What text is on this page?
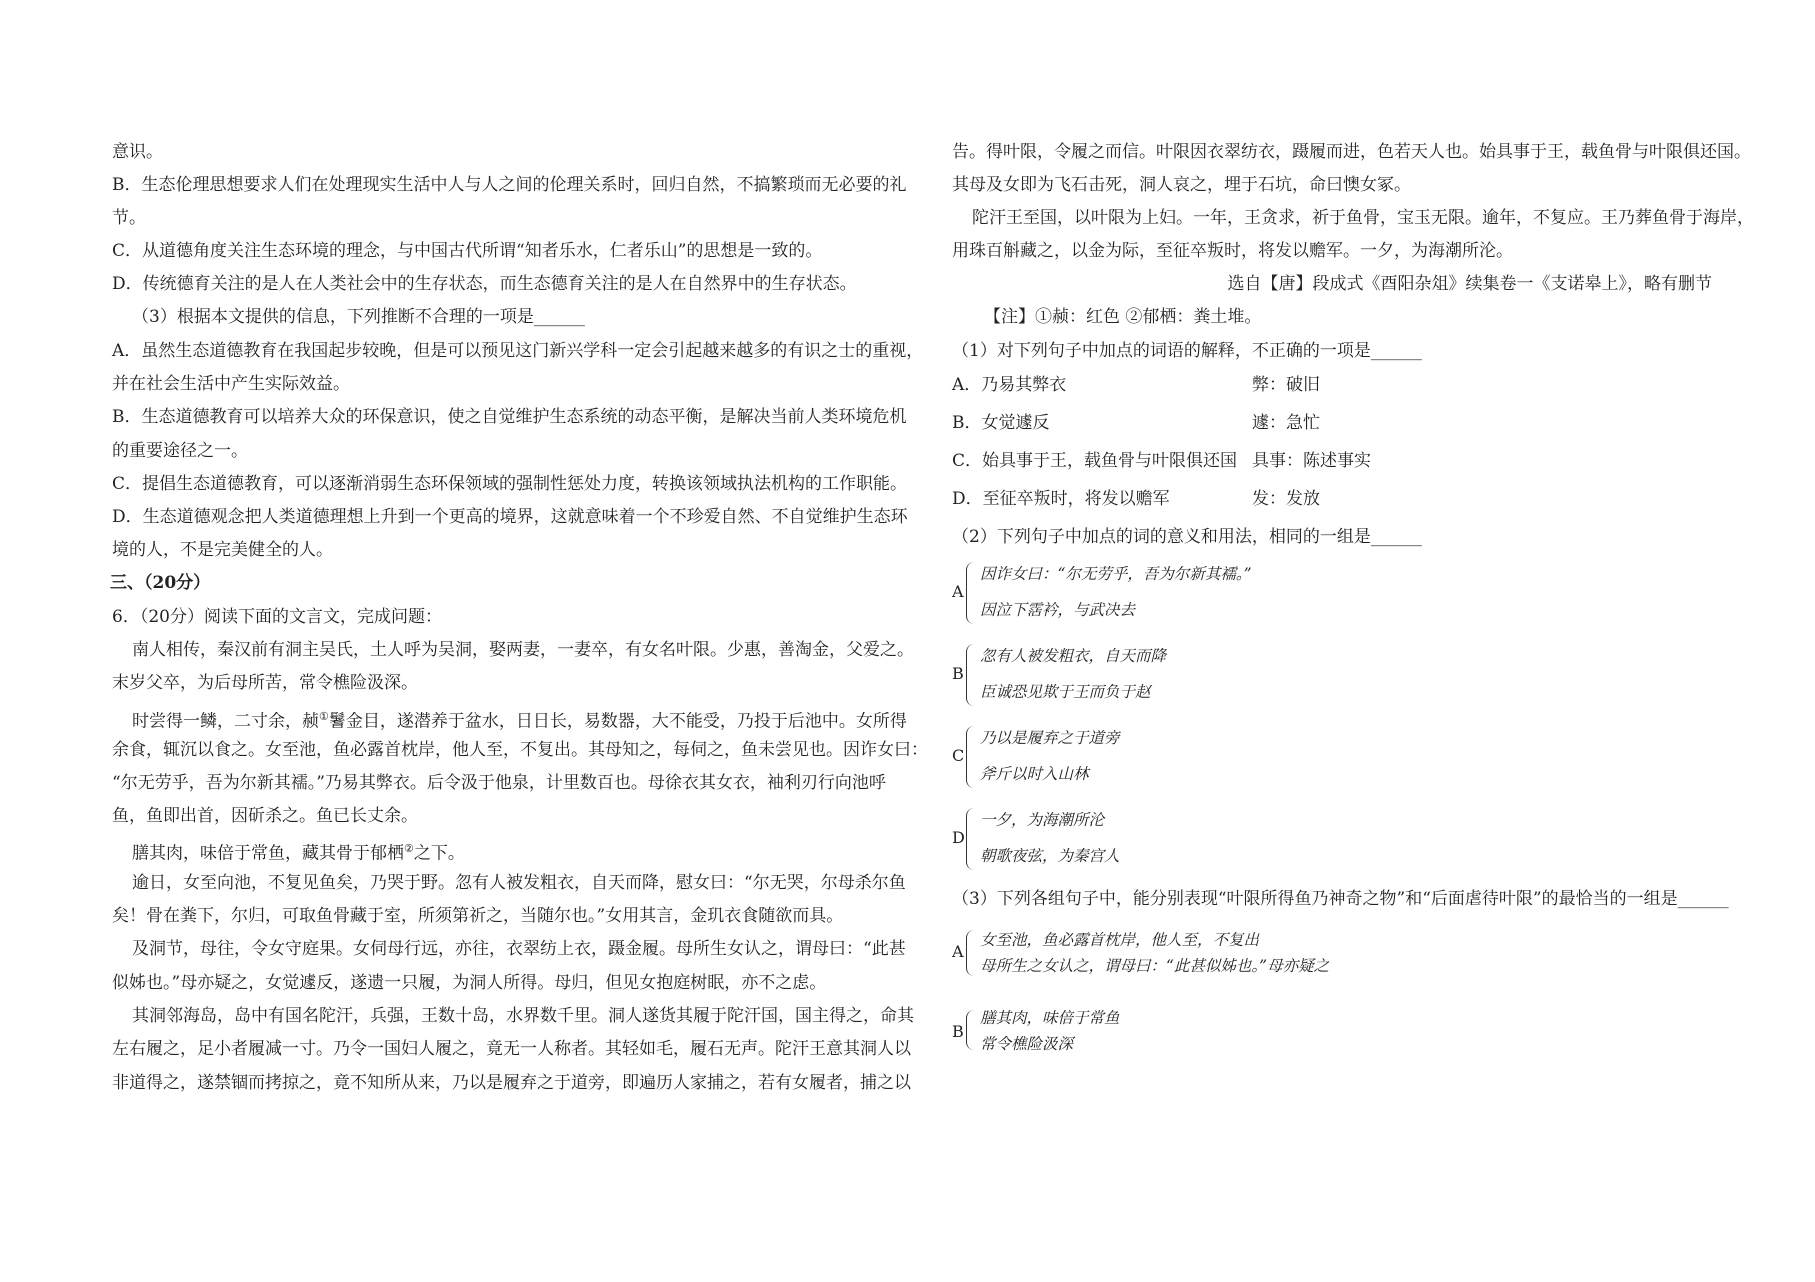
意识。
B．生态伦理思想要求人们在处理现实生活中人与人之间的伦理关系时，回归自然，不搞繁琐而无必要的礼
节。
C．从道德角度关注生态环境的理念，与中国古代所谓“知者乐水，仁者乐山”的思想是一致的。
D．传统德育关注的是人在人类社会中的生存状态，而生态德育关注的是人在自然界中的生存状态。
（3）根据本文提供的信息，下列推断不合理的一项是______
A．虽然生态道德教育在我国起步较晚，但是可以预见这门新兴学科一定会引起越来越多的有识之士的重视，
并在社会生活中产生实际效益。
B．生态道德教育可以培养大众的环保意识，使之自觉维护生态系统的动态平衡，是解决当前人类环境危机
的重要途径之一。
C．提倡生态道德教育，可以逐渐消弱生态环保领域的强制性惩处力度，转换该领域执法机构的工作职能。
D．生态道德观念把人类道德理想上升到一个更高的境界，这就意味着一个不珍爱自然、不自觉维护生态环
境的人，不是完美健全的人。
三、（20分）
6．（20分）阅读下面的文言文，完成问题：
南人相传，秦汉前有洞主吴氏，土人呼为吴洞，娶两妻，一妻卒，有女名叶限。少惠，善淘金，父爱之。
末岁父卒，为后母所苦，常令樵险汲深。
时尝得一鳞，二寸余，赪①鬐金目，遂潜养于盆水，日日长，易数器，大不能受，乃投于后池中。女所得
余食，辄沉以食之。女至池，鱼必露首枕岸，他人至，不复出。其母知之，每伺之，鱼未尝见也。因诈女曰：
“尔无劳乎，吾为尔新其襦。”乃易其弊衣。后令汲于他泉，计里数百也。母徐衣其女衣，袖利刃行向池呼
鱼，鱼即出首，因斫杀之。鱼已长丈余。
膳其肉，味倍于常鱼，藏其骨于郁栖②之下。
逾日，女至向池，不复见鱼矣，乃哭于野。忽有人被发粗衣，自天而降，慰女曰：“尔无哭，尔母杀尔鱼
矣！骨在粪下，尔归，可取鱼骨藏于室，所须第祈之，当随尔也。”女用其言，金玑衣食随欲而具。
及洞节，母往，令女守庭果。女伺母行远，亦往，衣翠纺上衣，蹑金履。母所生女认之，谓母曰：“此甚
似姊也。”母亦疑之，女觉遽反，遂遗一只履，为洞人所得。母归，但见女抱庭树眠，亦不之虑。
其洞邻海岛，岛中有国名陀汗，兵强，王数十岛，水界数千里。洞人遂货其履于陀汗国，国主得之，命其
左右履之，足小者履减一寸。乃令一国妇人履之，竟无一人称者。其轻如毛，履石无声。陀汗王意其洞人以
非道得之，遂禁锢而拷掠之，竟不知所从来，乃以是履弃之于道旁，即遍历人家捕之，若有女履者，捕之以
告。得叶限，令履之而信。叶限因衣翠纺衣，蹑履而进，色若天人也。始具事于王，载鱼骨与叶限俱还国。
其母及女即为飞石击死，洞人哀之，埋于石坑，命曰懊女冢。
陀汗王至国，以叶限为上妇。一年，王贪求，祈于鱼骨，宝玉无限。逾年，不复应。王乃葬鱼骨于海岸，
用珠百斛藏之，以金为际，至征卒叛时，将发以赡军。一夕，为海潮所沦。
选自【唐】段成式《酉阳杂俎》续集卷一《支诺皋上》，略有删节
【注】①赪：红色 ②郁栖：粪土堆。
（1）对下列句子中加点的词语的解释，不正确的一项是______
A．乃易其弊衣	弊：破旧
B．女觉遽反	遽：急忙
C．始具事于王，载鱼骨与叶限俱还国 具事：陈述事实
D．至征卒叛时，将发以赡军	发：发放
（2）下列句子中加点的词的意义和用法，相同的一组是______
A
因诈女曰：“尔无劳乎，吾为尔新其襦。”
因泣下霑衿，与武决去
B
忽有人被发粗衣，自天而降
臣诚恐见欺于王而负于赵
C
乃以是履弃之于道旁
斧斤以时入山林
D
一夕，为海潮所沦
朝歌夜弦，为秦宫人
（3）下列各组句子中，能分别表现“叶限所得鱼乃神奇之物”和“后面虐待叶限”的最恰当的一组是______
A
女至池，鱼必露首枕岸，他人至，不复出
母所生之女认之，谓母曰：“此甚似姊也。”母亦疑之
B
膳其肉，味倍于常鱼
常令樵险汲深
